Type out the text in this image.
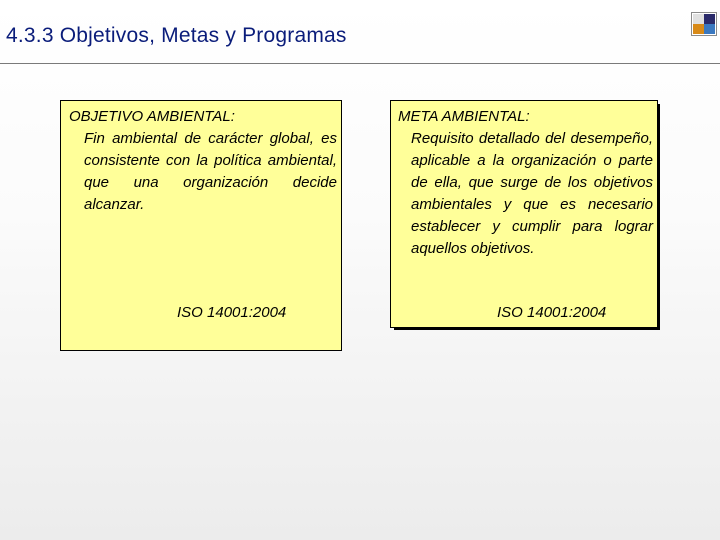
4.3.3 Objetivos, Metas y Programas

OBJETIVO AMBIENTAL:
Fin ambiental de carácter global, es consistente con la política ambiental, que una organización decide alcanzar.

ISO 14001:2004

META AMBIENTAL:
Requisito detallado del desempeño, aplicable a la organización o parte de ella, que surge de los objetivos ambientales y que es necesario establecer y cumplir para lograr aquellos objetivos.

ISO 14001:2004
